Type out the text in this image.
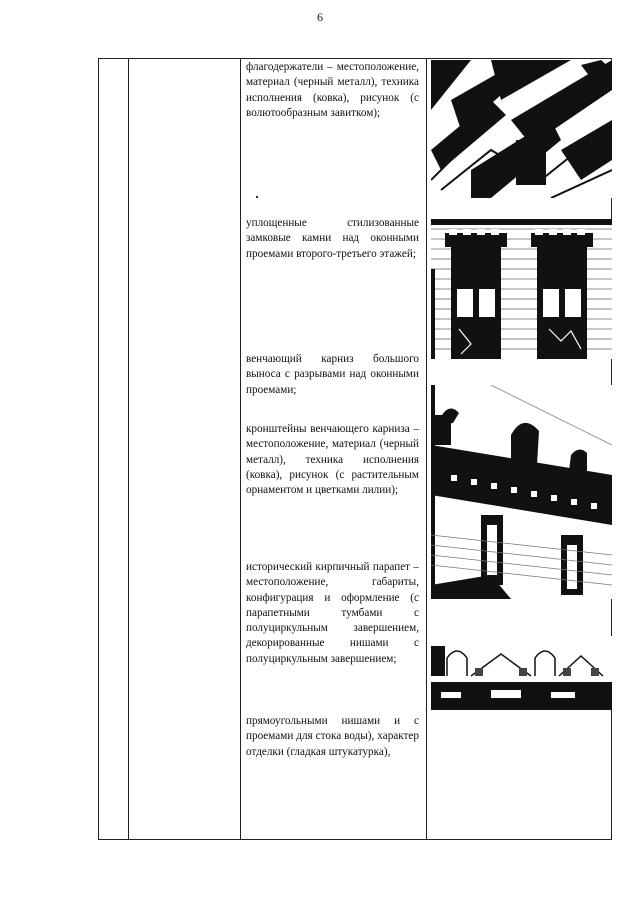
6
флагодержатели – местоположение, материал (черный металл), техника исполнения (ковка), рисунок (с волютообразным завитком);
уплощенные стилизованные замковые камни над оконными проемами второго-третьего этажей;
венчающий карниз большого выноса с разрывами над оконными проемами;
кронштейны венчающего карниза – местоположение, материал (черный металл), техника исполнения (ковка), рисунок (с растительным орнаментом и цветками лилии);
исторический кирпичный парапет – местоположение, габариты, конфигурация и оформление (с парапетными тумбами с полуциркульным завершением, декорированные нишами с полуциркульным завершением;
прямоугольными нишами и с проемами для стока воды), характер отделки (гладкая штукатурка),
